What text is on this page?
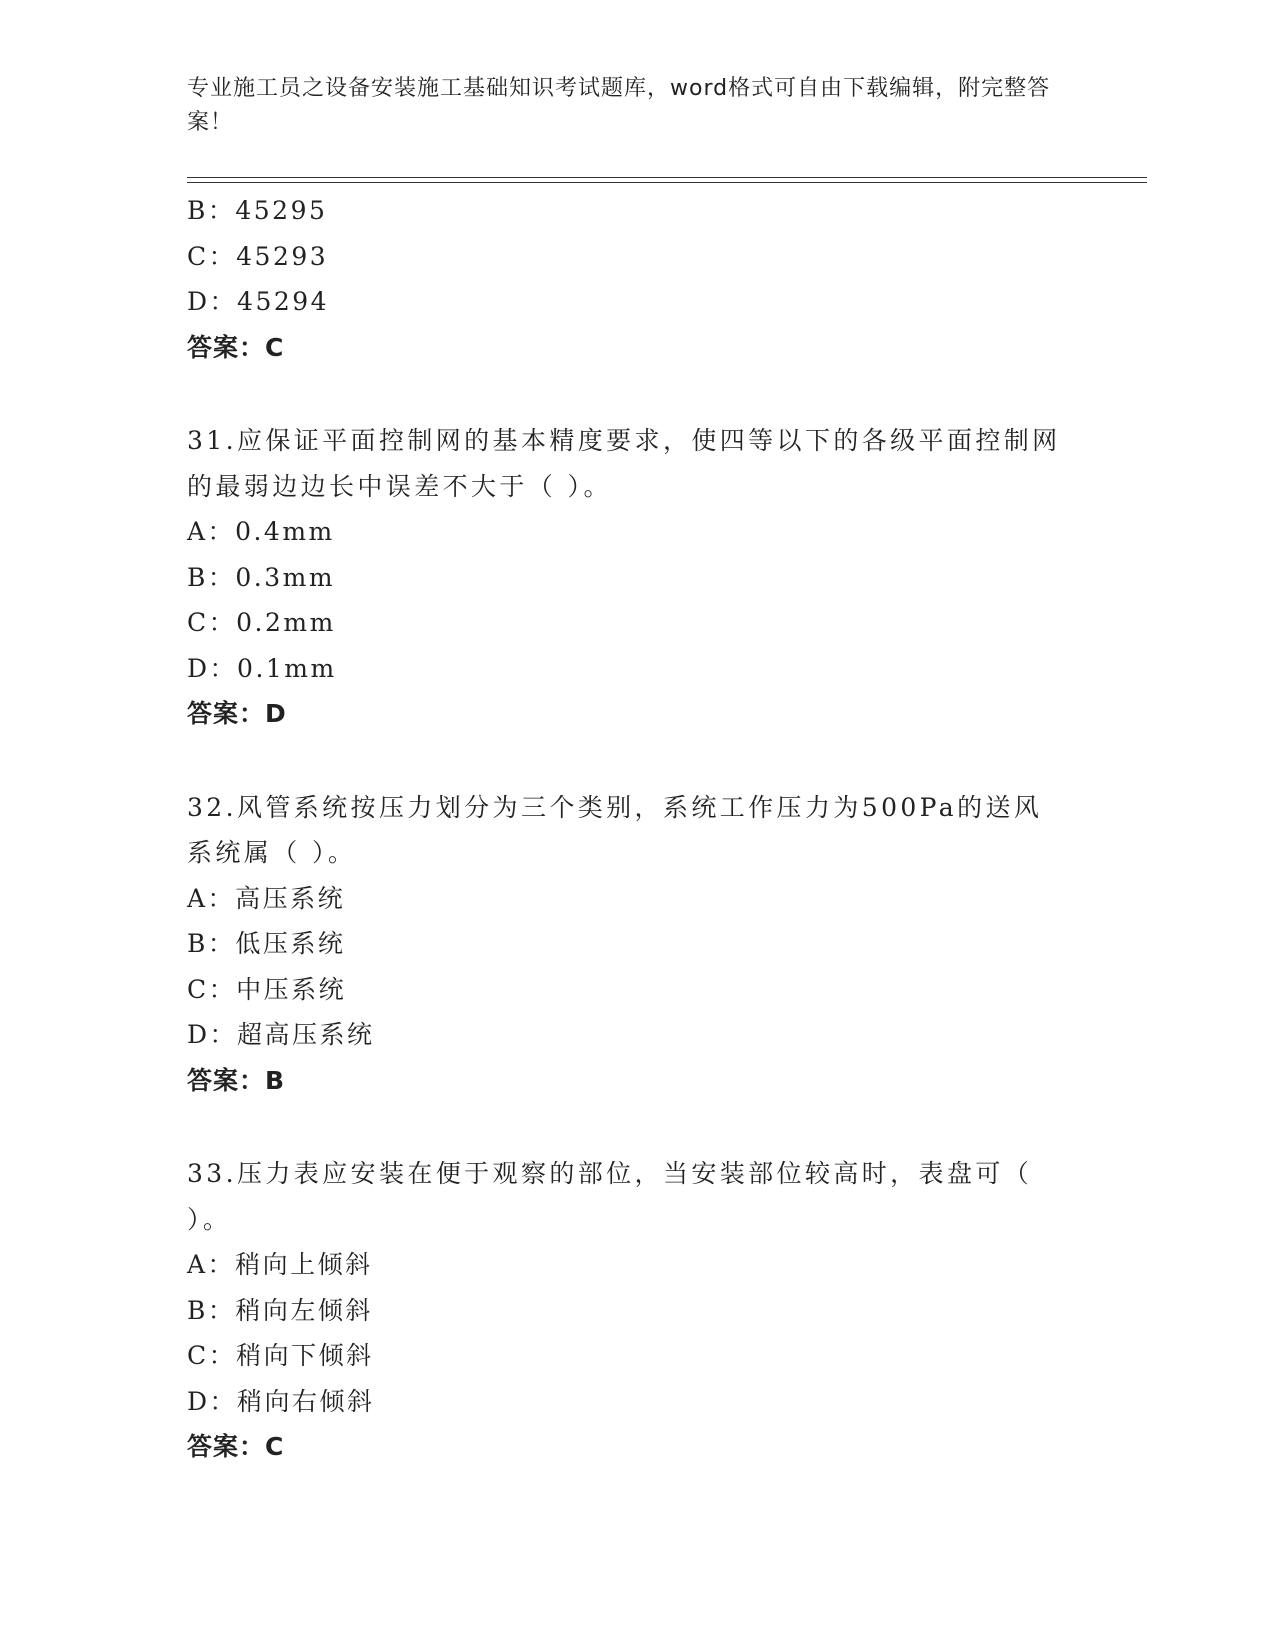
专业施工员之设备安装施工基础知识考试题库，word格式可自由下载编辑，附完整答案！
B：45295
C：45293
D：45294
答案：C
31.应保证平面控制网的基本精度要求，使四等以下的各级平面控制网的最弱边边长中误差不大于（ ）。
A：0.4mm
B：0.3mm
C：0.2mm
D：0.1mm
答案：D
32.风管系统按压力划分为三个类别，系统工作压力为500Pa的送风系统属（ ）。
A：高压系统
B：低压系统
C：中压系统
D：超高压系统
答案：B
33.压力表应安装在便于观察的部位，当安装部位较高时，表盘可（ ）。
A：稍向上倾斜
B：稍向左倾斜
C：稍向下倾斜
D：稍向右倾斜
答案：C
